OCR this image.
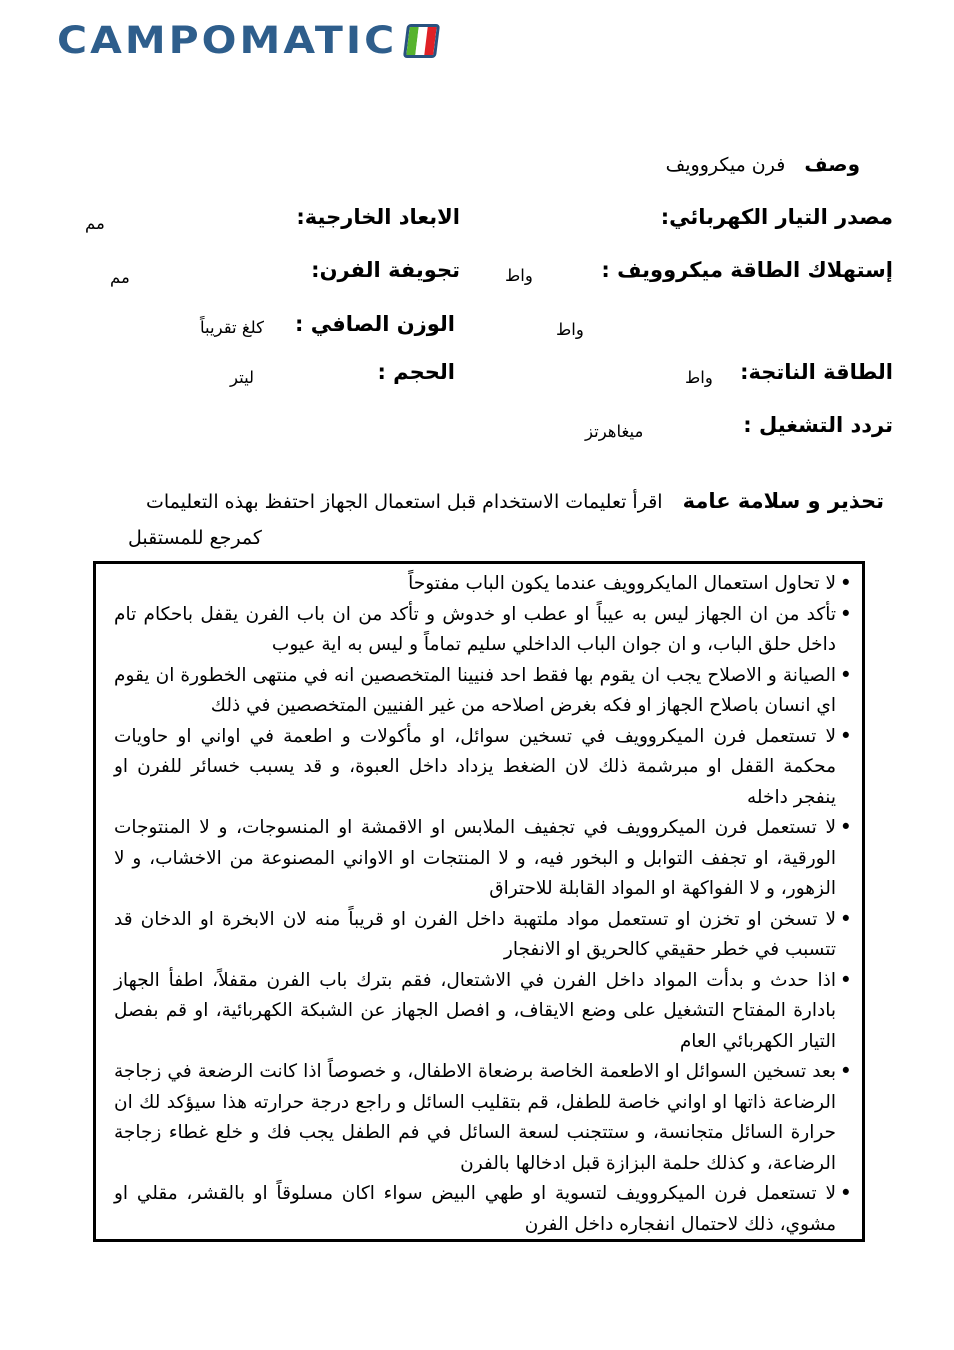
CAMPOMATIC
وصف   فرن ميكروويف
مصدر التيار الكهربائي:
الابعاد الخارجية:
مم
إستهلاك الطاقة ميكروويف :
واط
تجويفة الفرن:
مم
واط
الوزن الصافي :
كلغ تقريباً
الطاقة الناتجة:
واط
الحجم :
ليتر
تردد التشغيل :
ميغاهرتز
تحذير و سلامة عامة اقرأ تعليمات الاستخدام قبل استعمال الجهاز احتفظ بهذه التعليمات
كمرجع للمستقبل
• لا تحاول استعمال المايكروويف عندما يكون الباب مفتوحاً
• تأكد من ان الجهاز ليس به عيباً او عطب او خدوش و تأكد من ان باب الفرن يقفل باحكام تام داخل حلق الباب، و ان جوان الباب الداخلي سليم تماماً و ليس به اية عيوب
• الصيانة و الاصلاح يجب ان يقوم بها فقط احد فنيينا المتخصصين انه في منتهى الخطورة ان يقوم اي انسان باصلاح الجهاز او فكه بغرض اصلاحه من غير الفنيين المتخصصين في ذلك
• لا تستعمل فرن الميكروويف في تسخين سوائل، او مأكولات و اطعمة في اواني او حاويات محكمة القفل او مبرشمة ذلك لان الضغط يزداد داخل العبوة، و قد يسبب خسائر للفرن او ينفجر داخله
• لا تستعمل فرن الميكروويف في تجفيف الملابس او الاقمشة او المنسوجات، و لا المنتوجات الورقية، او تجفف التوابل و البخور فيه، و لا المنتجات او الاواني المصنوعة من الاخشاب، و لا الزهور، و لا الفواكهة او المواد القابلة للاحتراق
• لا تسخن او تخزن او تستعمل مواد ملتهبة داخل الفرن او قريباً منه لان الابخرة او الدخان قد تتسبب في خطر حقيقي كالحريق او الانفجار
• اذا حدث و بدأت المواد داخل الفرن في الاشتعال، فقم بترك باب الفرن مقفلاً، اطفأ الجهاز بادارة المفتاح التشغيل على وضع الايقاف، و افصل الجهاز عن الشبكة الكهربائية، او قم بفصل التيار الكهربائي العام
• بعد تسخين السوائل او الاطعمة الخاصة برضعاة الاطفال، و خصوصاً اذا كانت الرضعة في زجاجة الرضاعة ذاتها او اواني خاصة للطفل، قم بتقليب السائل و راجع درجة حرارته هذا سيؤكد لك ان حرارة السائل متجانسة، و ستتجنب لسعة السائل في فم الطفل يجب فك و خلع غطاء زجاجة الرضاعة، و كذلك حلمة البزازة قبل ادخالها بالفرن
• لا تستعمل فرن الميكروويف لتسوية او طهي البيض سواء اكان مسلوقاً او بالقشر، مقلي او مشوي، ذلك لاحتمال انفجاره داخل الفرن
